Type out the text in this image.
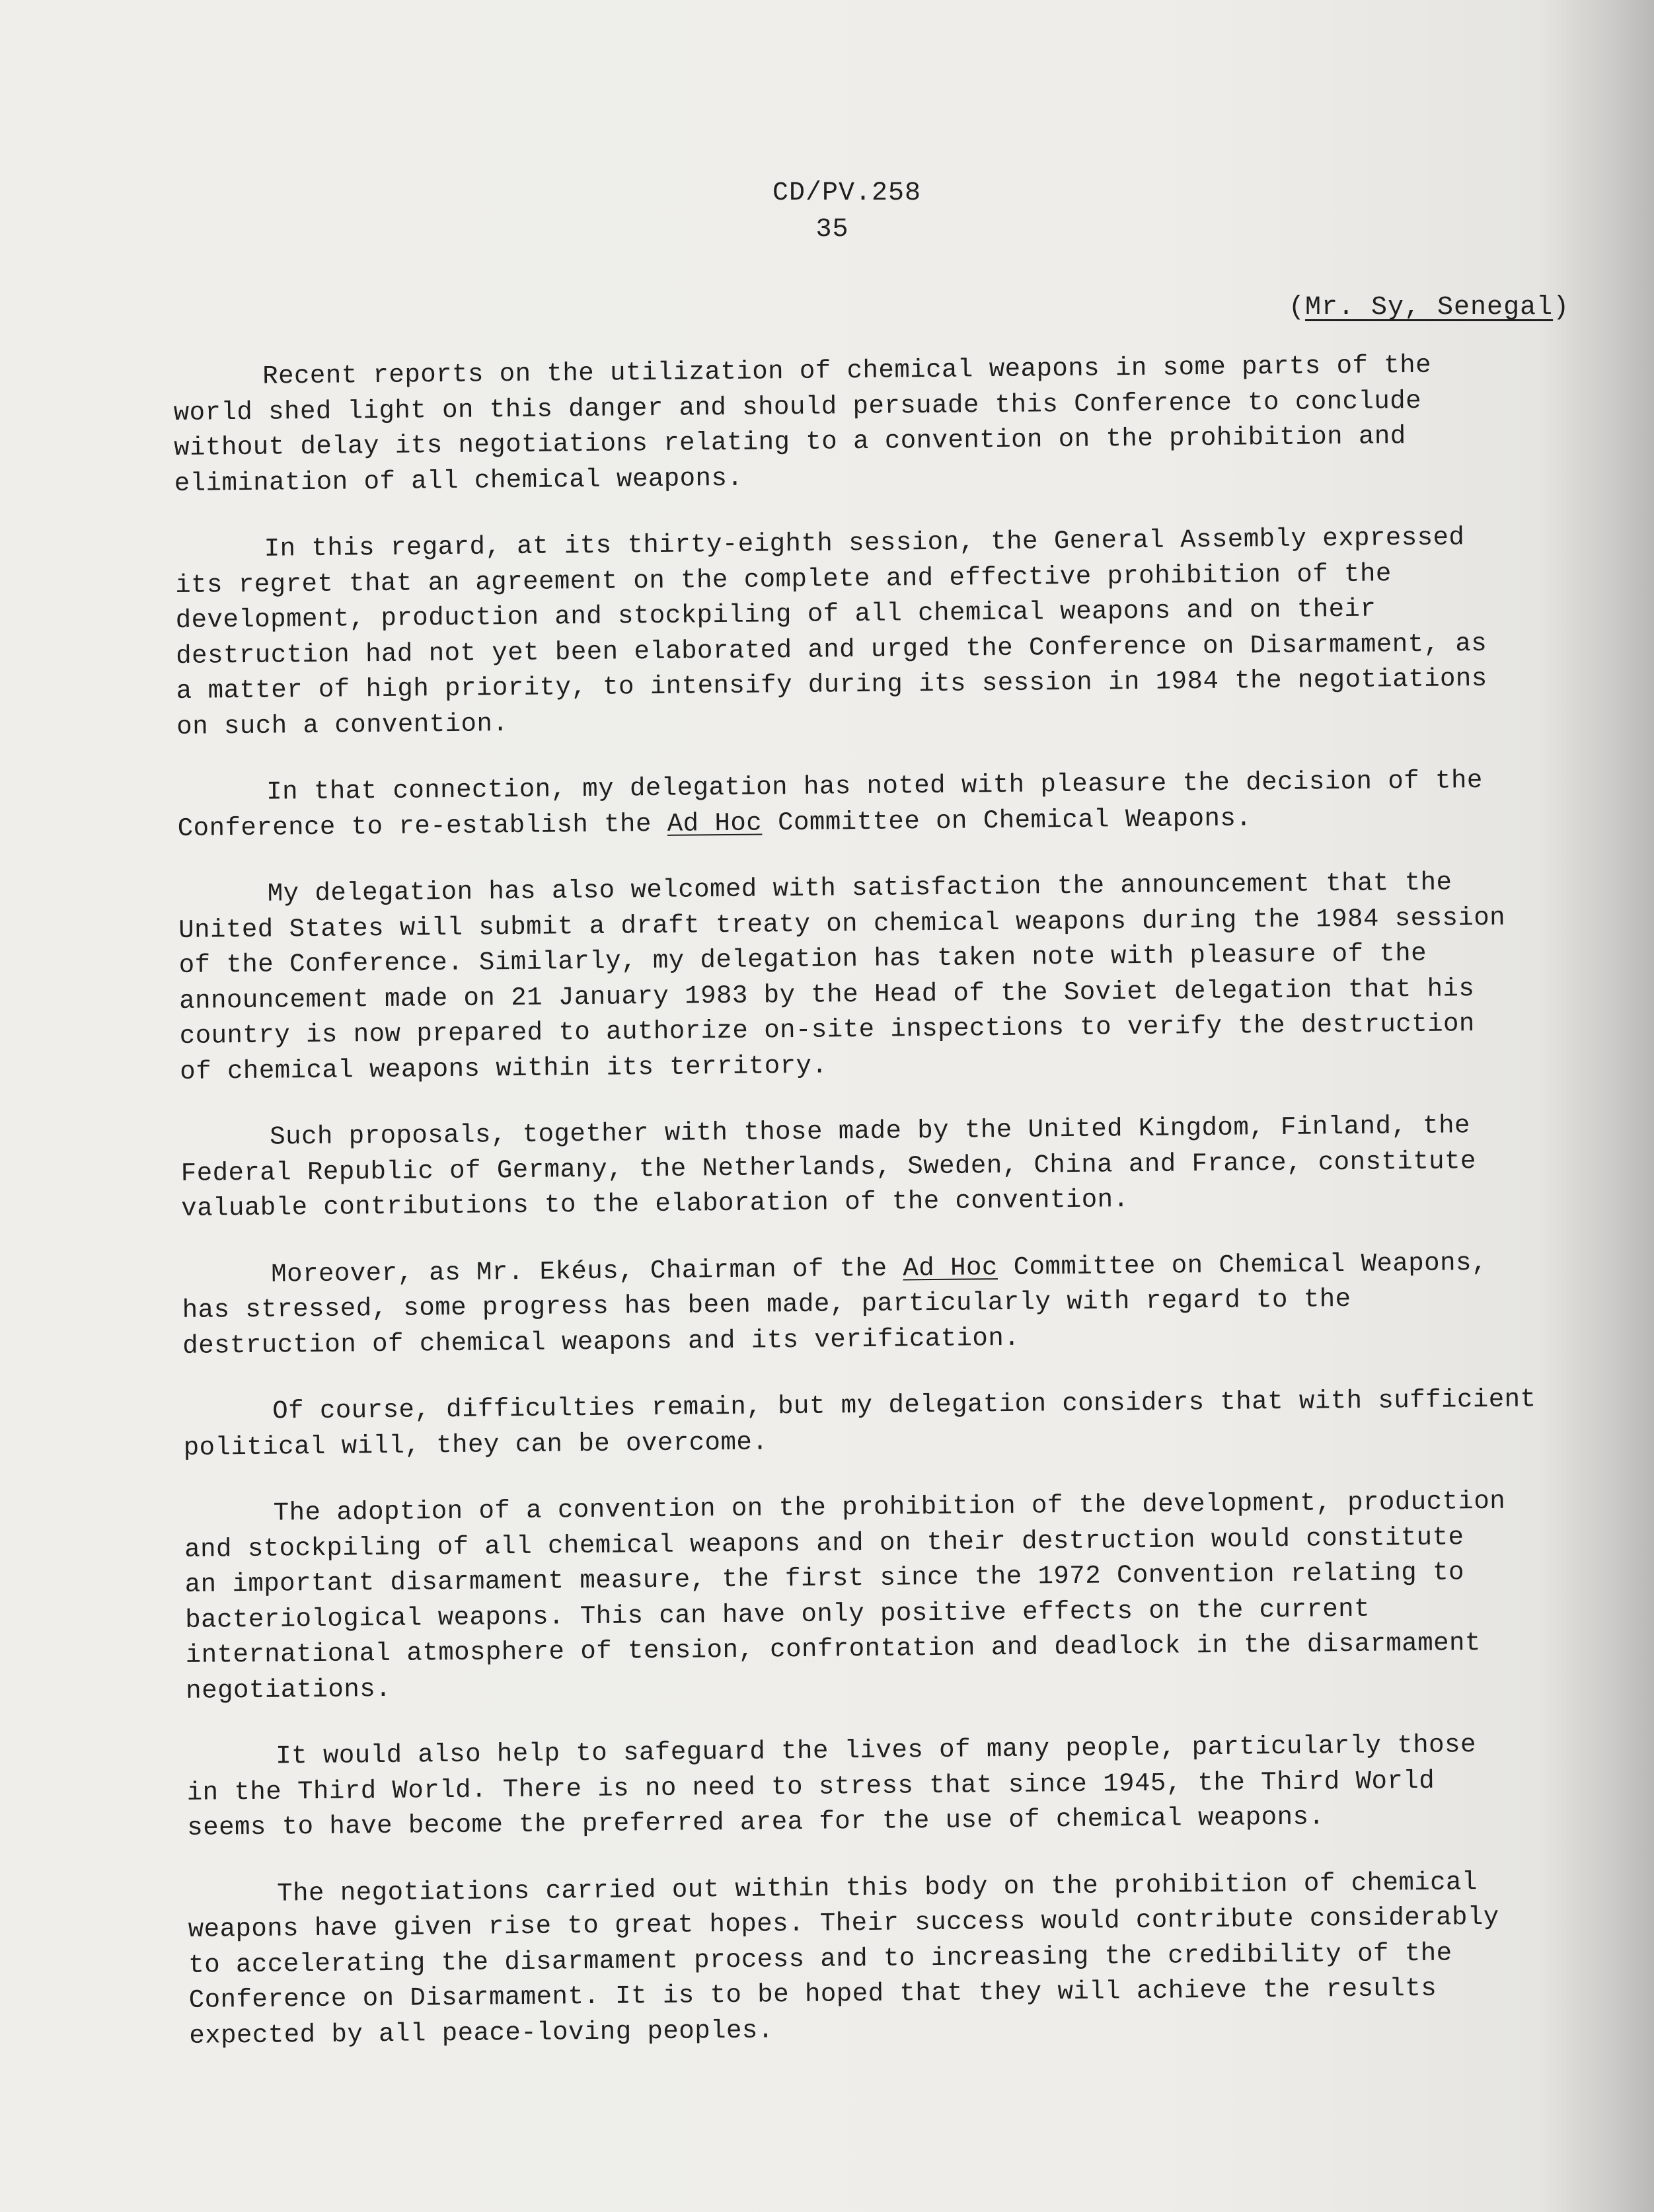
CD/PV.258
35
(Mr. Sy, Senegal)

Recent reports on the utilization of chemical weapons in some parts of the
world shed light on this danger and should persuade this Conference to conclude
without delay its negotiations relating to a convention on the prohibition and
elimination of all chemical weapons.

In this regard, at its thirty-eighth session, the General Assembly expressed
its regret that an agreement on the complete and effective prohibition of the
development, production and stockpiling of all chemical weapons and on their
destruction had not yet been elaborated and urged the Conference on Disarmament, as
a matter of high priority, to intensify during its session in 1984 the negotiations
on such a convention.

In that connection, my delegation has noted with pleasure the decision of the
Conference to re-establish the Ad Hoc Committee on Chemical Weapons.

My delegation has also welcomed with satisfaction the announcement that the
United States will submit a draft treaty on chemical weapons during the 1984 session
of the Conference. Similarly, my delegation has taken note with pleasure of the
announcement made on 21 January 1983 by the Head of the Soviet delegation that his
country is now prepared to authorize on-site inspections to verify the destruction
of chemical weapons within its territory.

Such proposals, together with those made by the United Kingdom, Finland, the
Federal Republic of Germany, the Netherlands, Sweden, China and France, constitute
valuable contributions to the elaboration of the convention.

Moreover, as Mr. Ekéus, Chairman of the Ad Hoc Committee on Chemical Weapons,
has stressed, some progress has been made, particularly with regard to the
destruction of chemical weapons and its verification.

Of course, difficulties remain, but my delegation considers that with sufficient
political will, they can be overcome.

The adoption of a convention on the prohibition of the development, production
and stockpiling of all chemical weapons and on their destruction would constitute
an important disarmament measure, the first since the 1972 Convention relating to
bacteriological weapons. This can have only positive effects on the current
international atmosphere of tension, confrontation and deadlock in the disarmament
negotiations.

It would also help to safeguard the lives of many people, particularly those
in the Third World. There is no need to stress that since 1945, the Third World
seems to have become the preferred area for the use of chemical weapons.

The negotiations carried out within this body on the prohibition of chemical
weapons have given rise to great hopes. Their success would contribute considerably
to accelerating the disarmament process and to increasing the credibility of the
Conference on Disarmament. It is to be hoped that they will achieve the results
expected by all peace-loving peoples.
